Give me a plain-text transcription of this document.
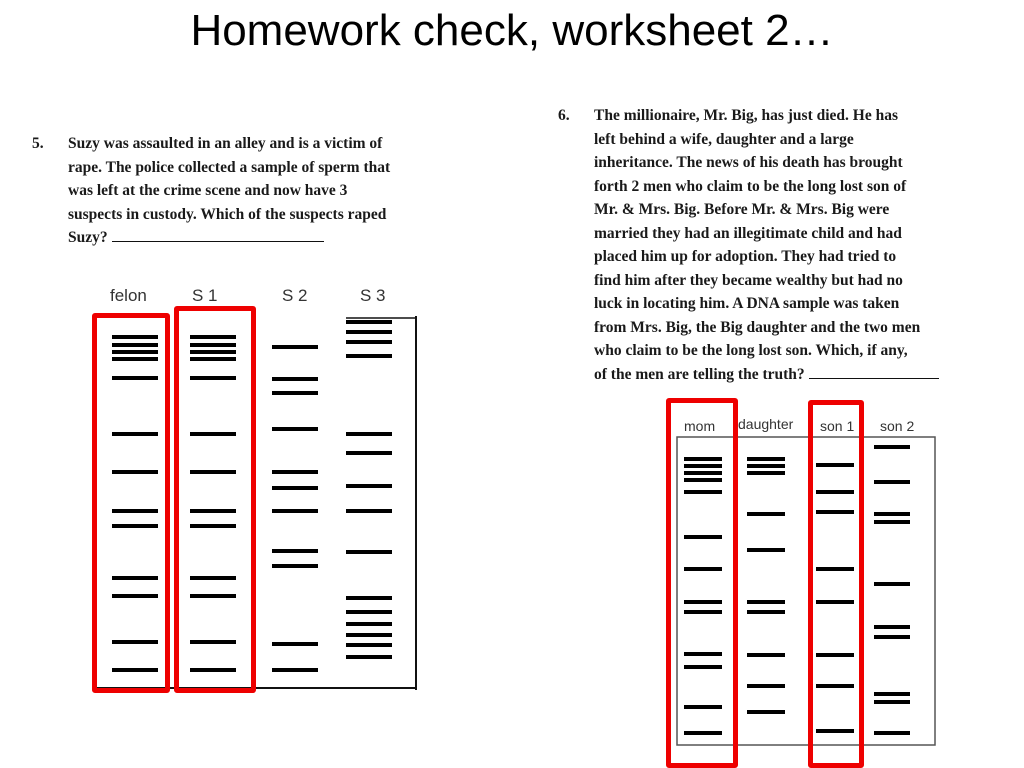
Homework check, worksheet 2…
5. Suzy was assaulted in an alley and is a victim of
rape. The police collected a sample of sperm that
was left at the crime scene and now have 3
suspects in custody. Which of the suspects raped
Suzy?
felon	S 1	S 2	S 3
6. The millionaire, Mr. Big, has just died. He has
left behind a wife, daughter and a large
inheritance. The news of his death has brought
forth 2 men who claim to be the long lost son of
Mr. & Mrs. Big. Before Mr. & Mrs. Big were
married they had an illegitimate child and had
placed him up for adoption. They had tried to
find him after they became wealthy but had no
luck in locating him. A DNA sample was taken
from Mrs. Big, the Big daughter and the two men
who claim to be the long lost son. Which, if any,
of the men are telling the truth?
mom daughter son 1 son 2
